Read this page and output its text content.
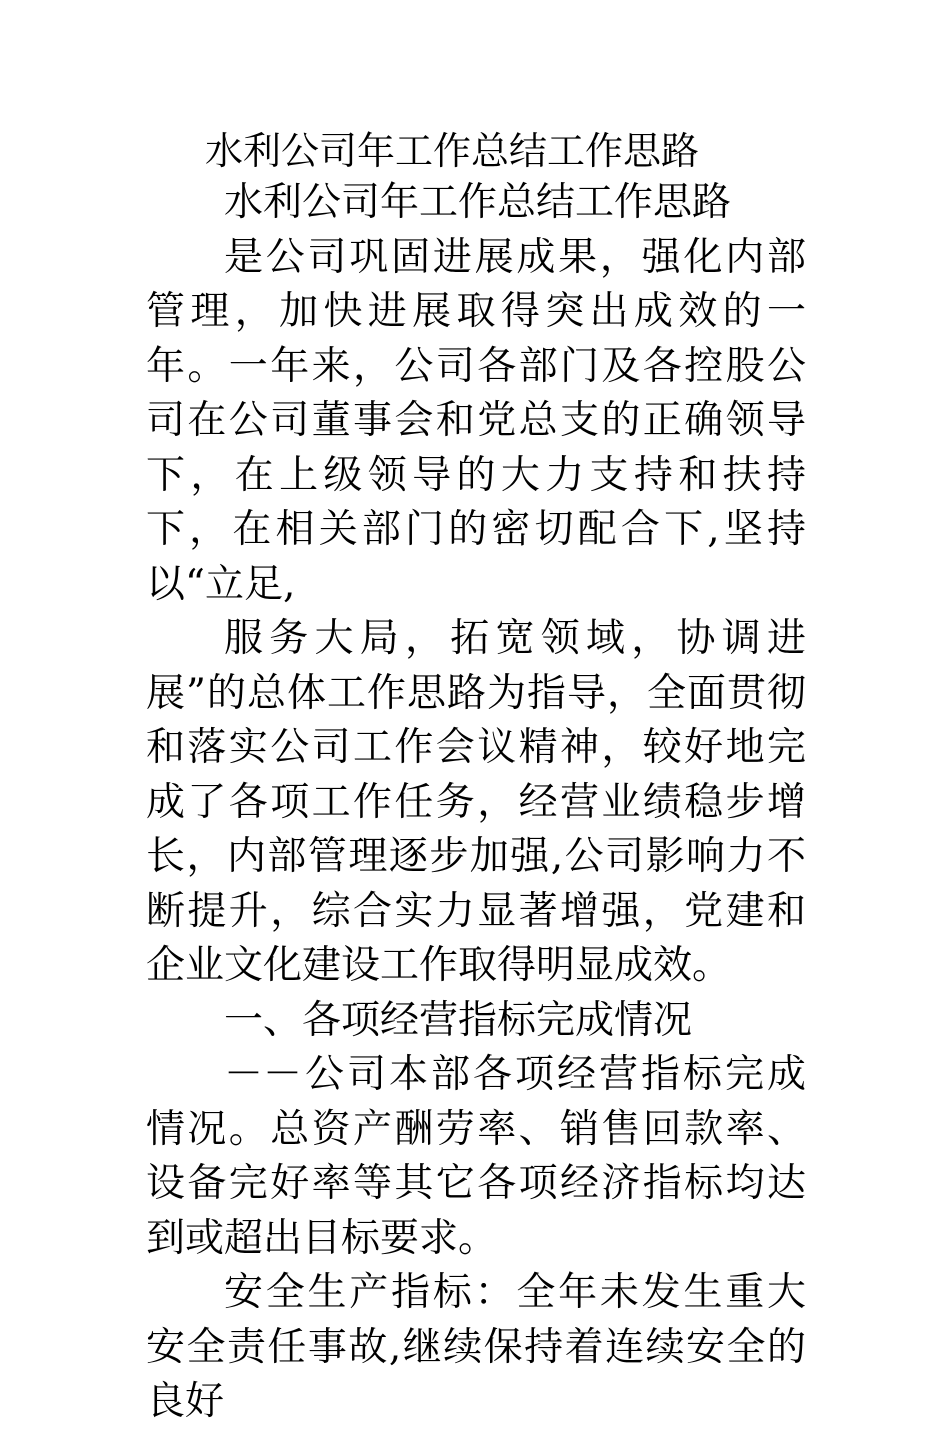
水利公司年工作总结工作思路

水利公司年工作总结工作思路

是公司巩固进展成果，强化内部管理，加快进展取得突出成效的一年。一年来，公司各部门及各控股公司在公司董事会和党总支的正确领导下，在上级领导的大力支持和扶持下，在相关部门的密切配合下,坚持以“立足,

服务大局，拓宽领域，协调进展”的总体工作思路为指导，全面贯彻和落实公司工作会议精神，较好地完成了各项工作任务，经营业绩稳步增长，内部管理逐步加强,公司影响力不断提升，综合实力显著增强，党建和企业文化建设工作取得明显成效。

一、各项经营指标完成情况

－－公司本部各项经营指标完成情况。总资产酬劳率、销售回款率、设备完好率等其它各项经济指标均达到或超出目标要求。

安全生产指标：全年未发生重大安全责任事故,继续保持着连续安全的良好
